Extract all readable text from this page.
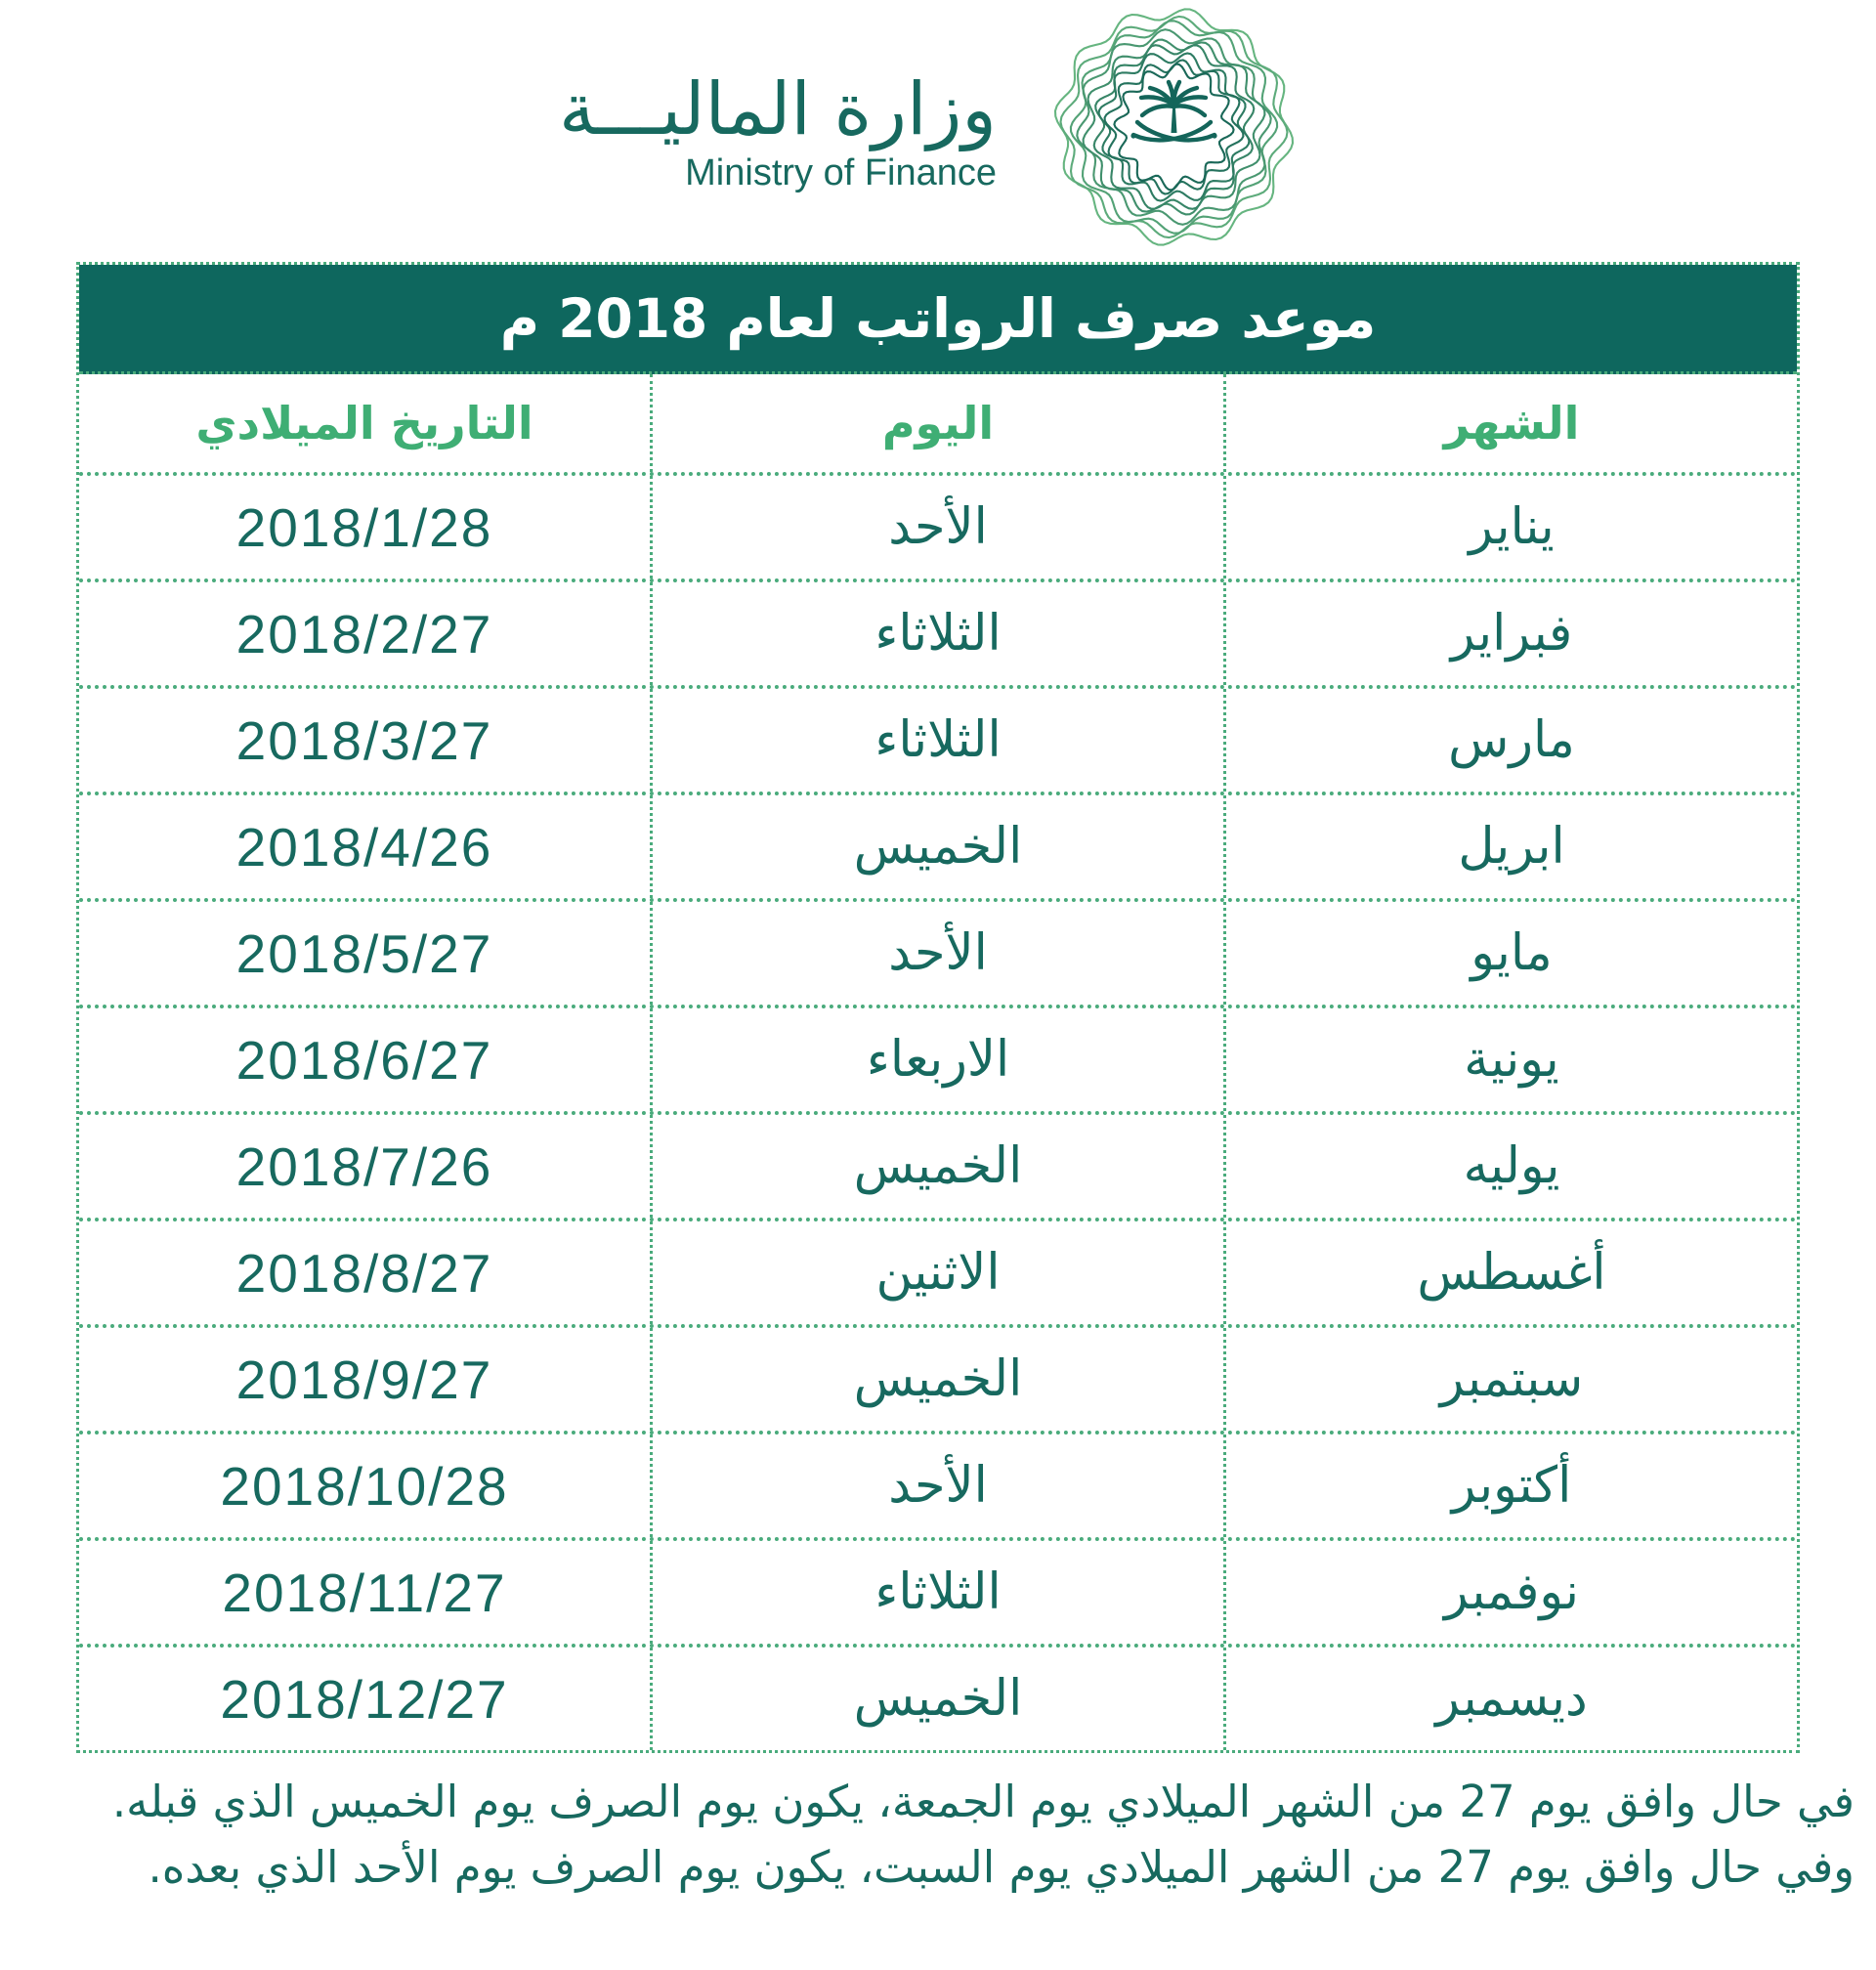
وزارة الماليـــة
Ministry of Finance
موعد صرف الرواتب لعام 2018 م
الشهر
اليوم
التاريخ الميلادي
يناير
الأحد
2018/1/28
فبراير
الثلاثاء
2018/2/27
مارس
الثلاثاء
2018/3/27
ابريل
الخميس
2018/4/26
مايو
الأحد
2018/5/27
يونية
الاربعاء
2018/6/27
يوليه
الخميس
2018/7/26
أغسطس
الاثنين
2018/8/27
سبتمبر
الخميس
2018/9/27
أكتوبر
الأحد
2018/10/28
نوفمبر
الثلاثاء
2018/11/27
ديسمبر
الخميس
2018/12/27
في حال وافق يوم 27 من الشهر الميلادي يوم الجمعة، يكون يوم الصرف يوم الخميس الذي قبله.
وفي حال وافق يوم 27 من الشهر الميلادي يوم السبت، يكون يوم الصرف يوم الأحد الذي بعده.
